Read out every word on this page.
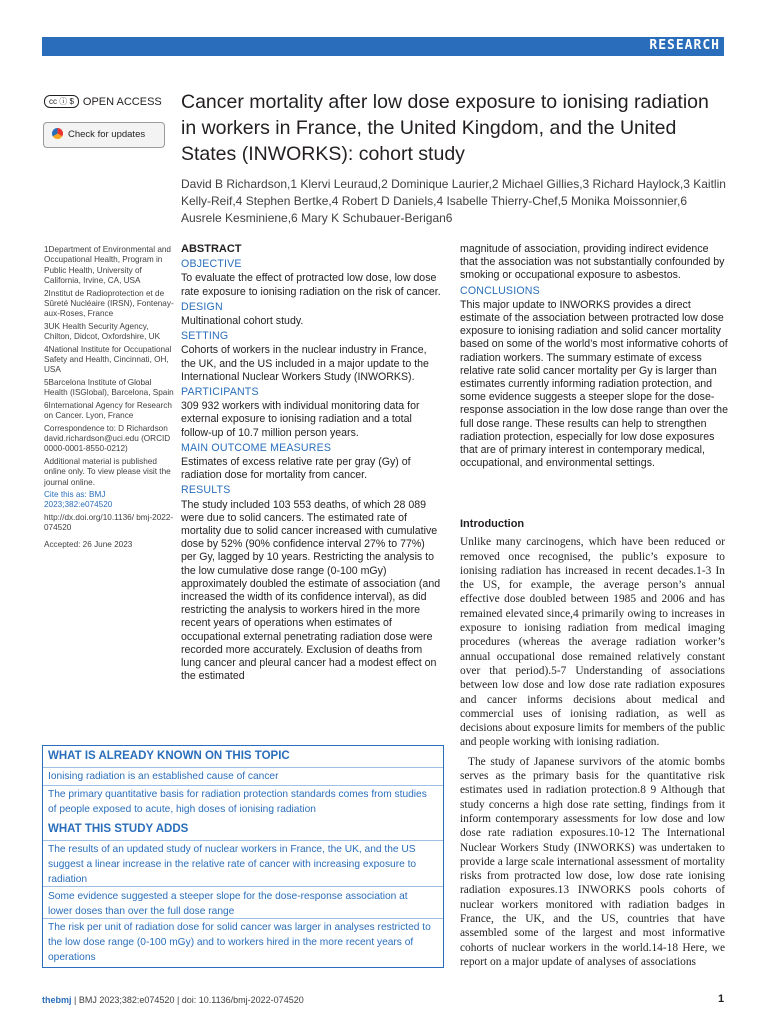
RESEARCH
cc ⓘ $ OPEN ACCESS
Check for updates
Cancer mortality after low dose exposure to ionising radiation in workers in France, the United Kingdom, and the United States (INWORKS): cohort study
David B Richardson,1 Klervi Leuraud,2 Dominique Laurier,2 Michael Gillies,3 Richard Haylock,3 Kaitlin Kelly-Reif,4 Stephen Bertke,4 Robert D Daniels,4 Isabelle Thierry-Chef,5 Monika Moissonnier,6 Ausrele Kesminiene,6 Mary K Schubauer-Berigan6

1Department of Environmental and Occupational Health, Program in Public Health, University of California, Irvine, CA, USA

2Institut de Radioprotection et de Sûreté Nucléaire (IRSN), Fontenay-aux-Roses, France

3UK Health Security Agency, Chilton, Didcot, Oxfordshire, UK

4National Institute for Occupational Safety and Health, Cincinnati, OH, USA

5Barcelona Institute of Global Health (ISGlobal), Barcelona, Spain

6International Agency for Research on Cancer. Lyon, France

Correspondence to: D Richardson david.richardson@uci.edu (ORCID 0000-0001-8550-0212)

Additional material is published online only. To view please visit the journal online.

Cite this as: BMJ 2023;382:e074520

http://dx.doi.org/10.1136/ bmj-2022-074520

Accepted: 26 June 2023

ABSTRACT
OBJECTIVE

To evaluate the effect of protracted low dose, low dose rate exposure to ionising radiation on the risk of cancer.

DESIGN

Multinational cohort study.

SETTING

Cohorts of workers in the nuclear industry in France, the UK, and the US included in a major update to the International Nuclear Workers Study (INWORKS).

PARTICIPANTS

309 932 workers with individual monitoring data for external exposure to ionising radiation and a total follow-up of 10.7 million person years.

MAIN OUTCOME MEASURES

Estimates of excess relative rate per gray (Gy) of radiation dose for mortality from cancer.

RESULTS

The study included 103 553 deaths, of which 28 089 were due to solid cancers. The estimated rate of mortality due to solid cancer increased with cumulative dose by 52% (90% confidence interval 27% to 77%) per Gy, lagged by 10 years. Restricting the analysis to the low cumulative dose range (0-100 mGy) approximately doubled the estimate of association (and increased the width of its confidence interval), as did restricting the analysis to workers hired in the more recent years of operations when estimates of occupational external penetrating radiation dose were recorded more accurately. Exclusion of deaths from lung cancer and pleural cancer had a modest effect on the estimated

magnitude of association, providing indirect evidence that the association was not substantially confounded by smoking or occupational exposure to asbestos.

CONCLUSIONS

This major update to INWORKS provides a direct estimate of the association between protracted low dose exposure to ionising radiation and solid cancer mortality based on some of the world’s most informative cohorts of radiation workers. The summary estimate of excess relative rate solid cancer mortality per Gy is larger than estimates currently informing radiation protection, and some evidence suggests a steeper slope for the dose-response association in the low dose range than over the full dose range. These results can help to strengthen radiation protection, especially for low dose exposures that are of primary interest in contemporary medical, occupational, and environmental settings.

WHAT IS ALREADY KNOWN ON THIS TOPIC

Ionising radiation is an established cause of cancer

The primary quantitative basis for radiation protection standards comes from studies of people exposed to acute, high doses of ionising radiation

WHAT THIS STUDY ADDS

The results of an updated study of nuclear workers in France, the UK, and the US suggest a linear increase in the relative rate of cancer with increasing exposure to radiation

Some evidence suggested a steeper slope for the dose-response association at lower doses than over the full dose range

The risk per unit of radiation dose for solid cancer was larger in analyses restricted to the low dose range (0-100 mGy) and to workers hired in the more recent years of operations

Introduction

Unlike many carcinogens, which have been reduced or removed once recognised, the public’s exposure to ionising radiation has increased in recent decades.1-3 In the US, for example, the average person’s annual effective dose doubled between 1985 and 2006 and has remained elevated since,4 primarily owing to increases in exposure to ionising radiation from medical imaging procedures (whereas the average radiation worker’s annual occupational dose remained relatively constant over that period).5-7 Understanding of associations between low dose and low dose rate radiation exposures and cancer informs decisions about medical and commercial uses of ionising radiation, as well as decisions about exposure limits for members of the public and people working with ionising radiation.

The study of Japanese survivors of the atomic bombs serves as the primary basis for the quantitative risk estimates used in radiation protection.8 9 Although that study concerns a high dose rate setting, findings from it inform contemporary assessments for low dose and low dose rate radiation exposures.10-12 The International Nuclear Workers Study (INWORKS) was undertaken to provide a large scale international assessment of mortality risks from protracted low dose, low dose rate ionising radiation exposures.13 INWORKS pools cohorts of nuclear workers monitored with radiation badges in France, the UK, and the US, countries that have assembled some of the largest and most informative cohorts of nuclear workers in the world.14-18 Here, we report on a major update of analyses of associations

thebmj | BMJ 2023;382:e074520 | doi: 10.1136/bmj-2022-074520	1
